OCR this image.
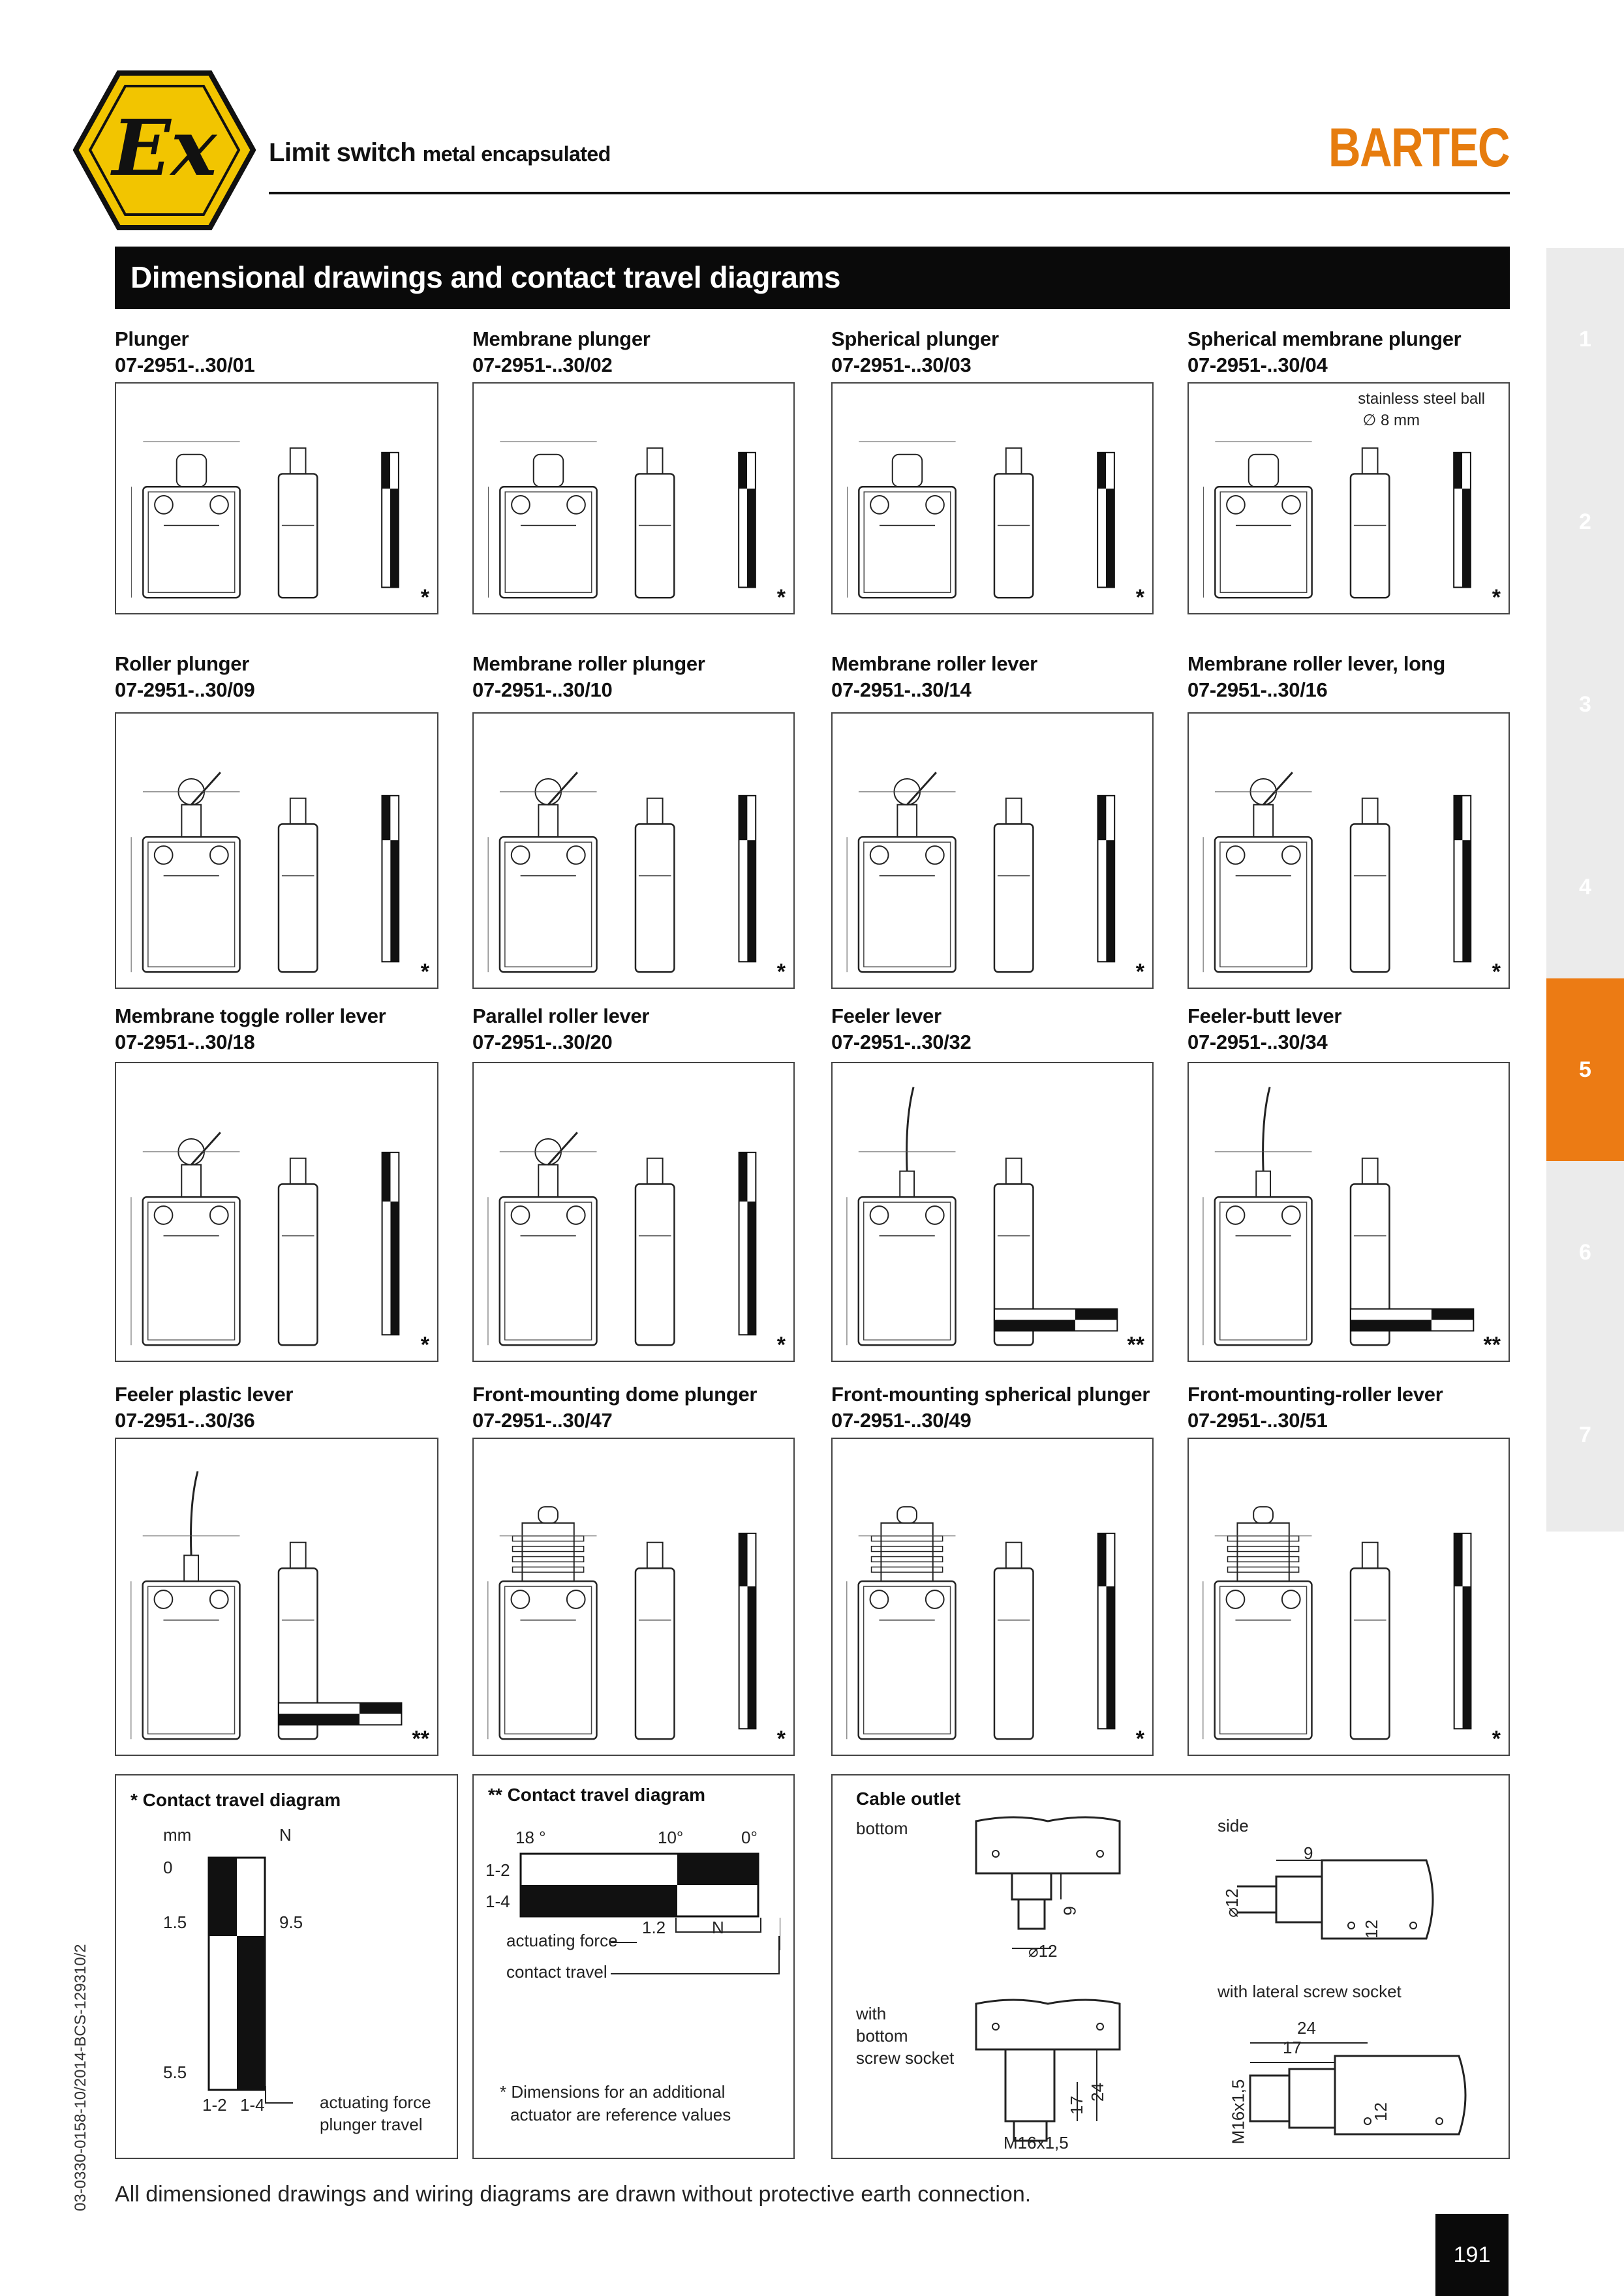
Ex Limit switch metal encapsulated	BARTEC
Dimensional drawings and contact travel diagrams
1
2
3
4
5
6
7
Plunger
07-2951-..30/01
*
Membrane plunger
07-2951-..30/02
*
Spherical plunger
07-2951-..30/03
*
Spherical membrane plunger
07-2951-..30/04
*
stainless steel ball
∅ 8 mm
Roller plunger
07-2951-..30/09
*
Membrane roller plunger
07-2951-..30/10
*
Membrane roller lever
07-2951-..30/14
*
Membrane roller lever, long
07-2951-..30/16
*
Membrane toggle roller lever
07-2951-..30/18
*
Parallel roller lever
07-2951-..30/20
*
Feeler lever
07-2951-..30/32
**
Feeler-butt lever
07-2951-..30/34
**
Feeler plastic lever
07-2951-..30/36
**
Front-mounting dome plunger
07-2951-..30/47
*
Front-mounting spherical plunger
07-2951-..30/49
*
Front-mounting-roller lever
07-2951-..30/51
*
* Contact travel diagram
mm	N
0
1.5	9.5
5.5
1-2 1-4	actuating force
plunger travel
** Contact travel diagram
18 °	10°	0°
1-2
1-4
1.2	N
actuating force
contact travel
* Dimensions for an additional
actuator are reference values
Cable outlet
bottom	side
with
bottom
screw socket
with lateral screw socket
9
⌀12
17
24
M16x1,5
9
⌀12
12
24
17
M16x1,5	12
All dimensioned drawings and wiring diagrams are drawn without protective earth connection.
03-0330-0158-10/2014-BCS-129310/2
191
